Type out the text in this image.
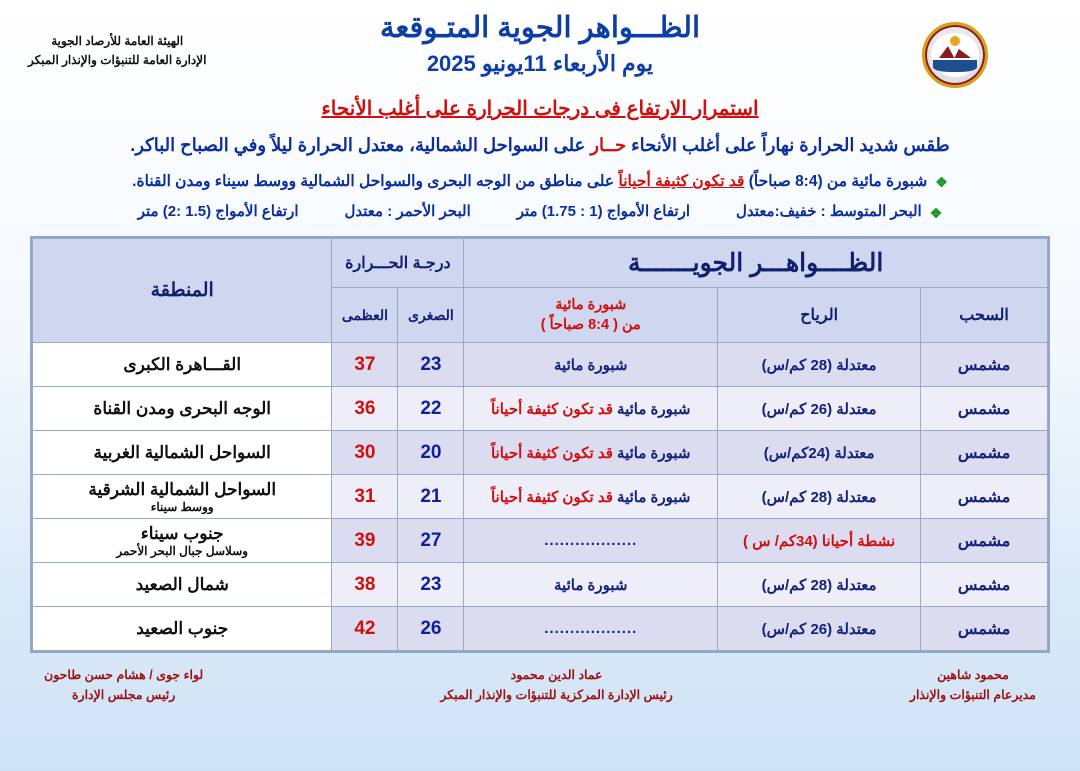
الظـــواهر الجوية المتـوقعة
يوم الأربعاء 11يونيو 2025
الهيئة العامة للأرصاد الجوية
الإدارة العامة للتنبؤات والإنذار المبكر
استمرار الارتفاع فى درجات الحرارة على أغلب الأنحاء
طقس شديد الحرارة نهاراً على أغلب الأنحاء حــار على السواحل الشمالية، معتدل الحرارة ليلاً وفي الصباح الباكر.
❖
شبورة مائية من (8:4 صباحاً) قد تكون كثيفة أحياناً على مناطق من الوجه البحرى والسواحل الشمالية ووسط سيناء ومدن القناة.
❖
البحر المتوسط : خفيف:معتدل
ارتفاع الأمواج (1 : 1.75) متر
البحر الأحمر : معتدل
ارتفاع الأمواج (1.5 :2) متر
الظــــواهـــر الجويـــــــة			درجـة الحـــرارة		المنطقة
السحب	الرياح	شبورة مائية
من ( 8:4 صباحاً )	الصغرى	العظمى	
مشمس	معتدلة (28 كم/س)	شبورة مائية	23	37	القـــاهرة الكبرى

مشمس	معتدلة (26 كم/س)	شبورة مائية قد تكون كثيفة أحياناً	22	36	الوجه البحرى ومدن القناة

مشمس	معتدلة (24كم/س)	شبورة مائية قد تكون كثيفة أحياناً	20	30	السواحل الشمالية الغربية

مشمس	معتدلة (28 كم/س)	شبورة مائية قد تكون كثيفة أحياناً	21	31	السواحل الشمالية الشرقية
ووسط سيناء

مشمس	نشطة أحيانا (34كم/ س )	..................	27	39	جنوب سيناء
وسلاسل جبال البحر الأحمر

مشمس	معتدلة (28 كم/س)	شبورة مائية	23	38	شمال الصعيد

مشمس	معتدلة (26 كم/س)	..................	26	42	جنوب الصعيد
محمود شاهين
مديرعام التنبؤات والإنذار
عماد الدين محمود
رئيس الإدارة المركزية للتنبؤات والإنذار المبكر
لواء جوى / هشام حسن طاحون
رئيس مجلس الإدارة
